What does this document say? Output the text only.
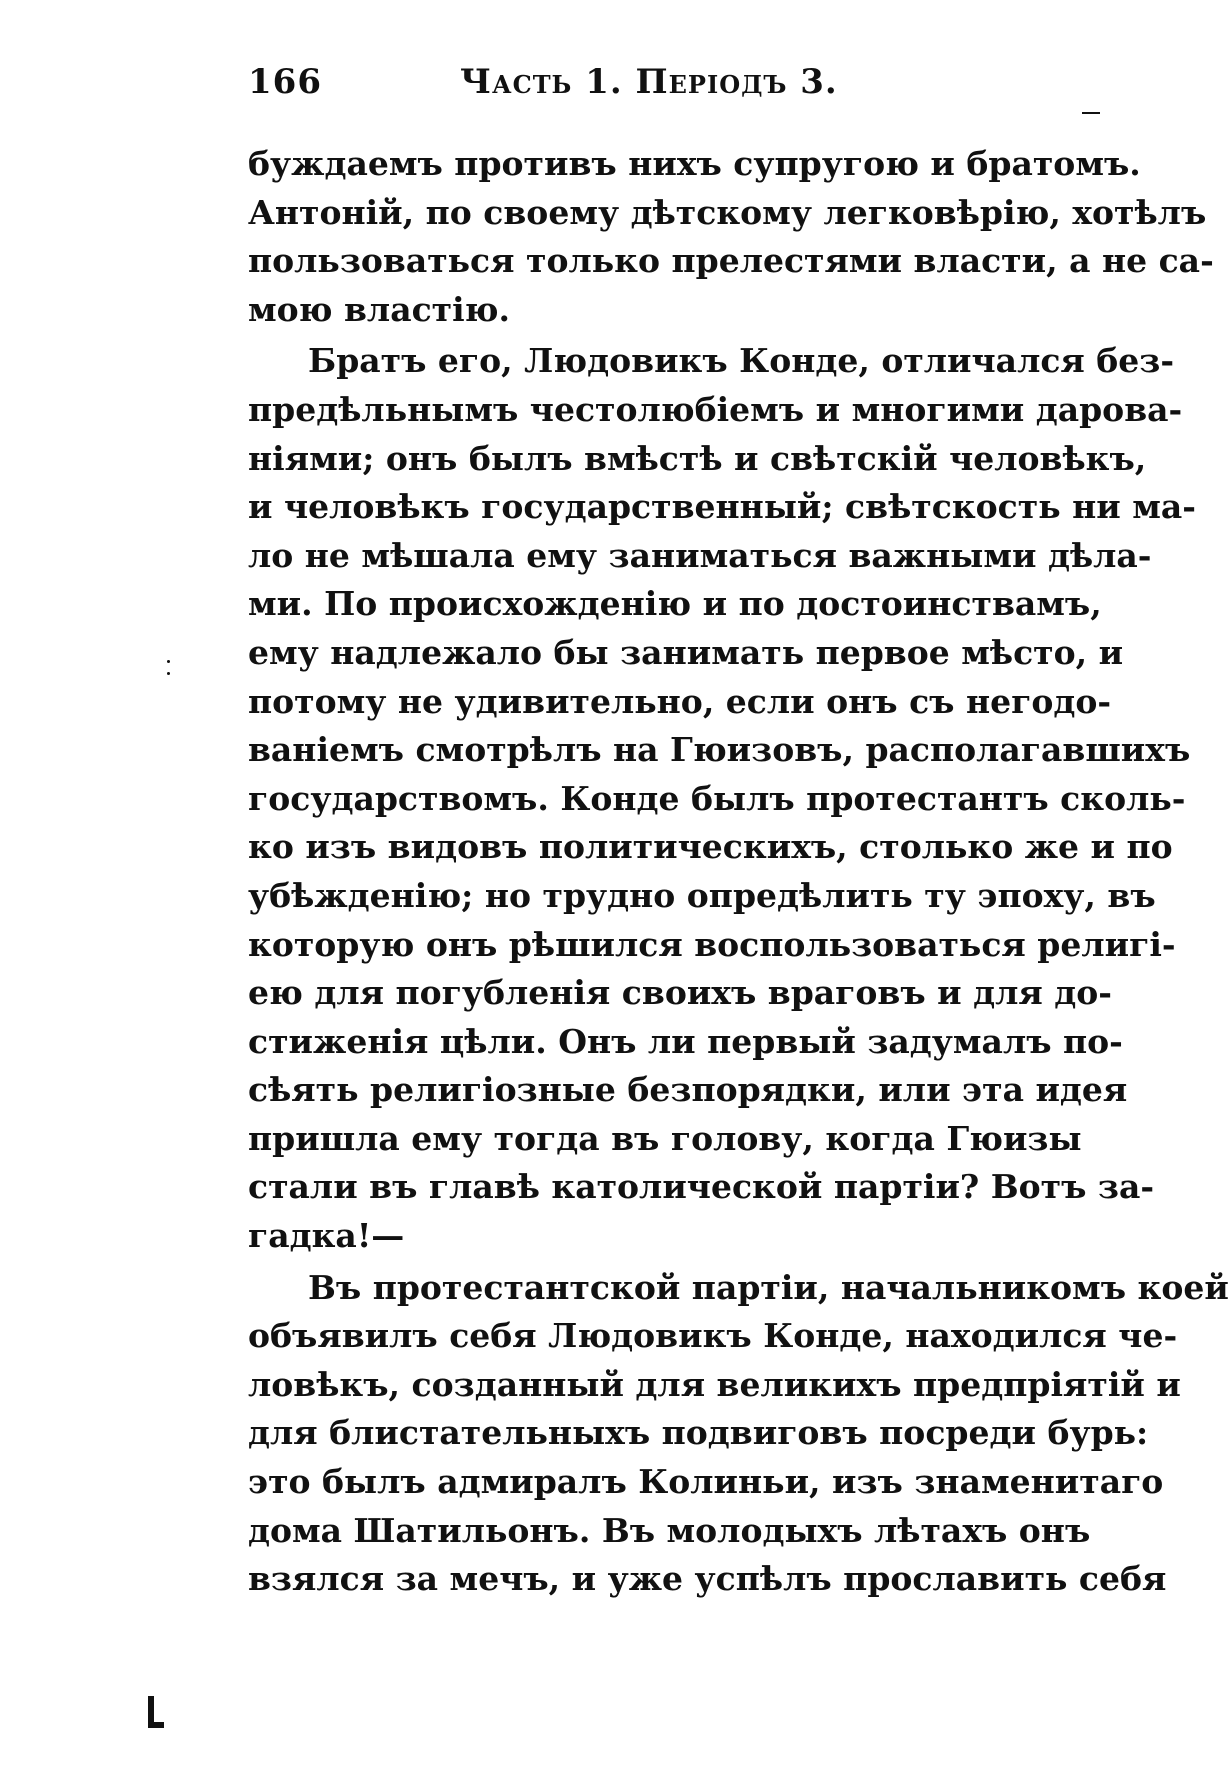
166	Часть 1. Перiодъ 3.
буждаемъ противъ нихъ супругою и братомъ.
Антонiй, по своему дѣтскому легковѣрiю, хотѣлъ
пользоваться только прелестями власти, а не са-
мою властiю.
Братъ его, Людовикъ Конде, отличался без-
предѣльнымъ честолюбiемъ и многими дарова-
нiями; онъ былъ вмѣстѣ и свѣтскiй человѣкъ,
и человѣкъ государственный; свѣтскость ни ма-
ло не мѣшала ему заниматься важными дѣла-
ми. По происхожденiю и по достоинствамъ,
ему надлежало бы занимать первое мѣсто, и
потому не удивительно, если онъ съ негодо-
ванiемъ смотрѣлъ на Гюизовъ, располагавшихъ
государствомъ. Конде былъ протестантъ сколь-
ко изъ видовъ политическихъ, столько же и по
убѣжденiю; но трудно опредѣлить ту эпоху, въ
которую онъ рѣшился воспользоваться религi-
ею для погубленiя своихъ враговъ и для до-
стиженiя цѣли. Онъ ли первый задумалъ по-
сѣять религiозные безпорядки, или эта идея
пришла ему тогда въ голову, когда Гюизы
стали въ главѣ католической партiи? Вотъ за-
гадка!—
Въ протестантской партiи, начальникомъ коей
объявилъ себя Людовикъ Конде, находился че-
ловѣкъ, созданный для великихъ предпрiятiй и
для блистательныхъ подвиговъ посреди бурь:
это былъ адмиралъ Колиньи, изъ знаменитаго
дома Шатильонъ. Въ молодыхъ лѣтахъ онъ
взялся за мечъ, и уже успѣлъ прославить себя
